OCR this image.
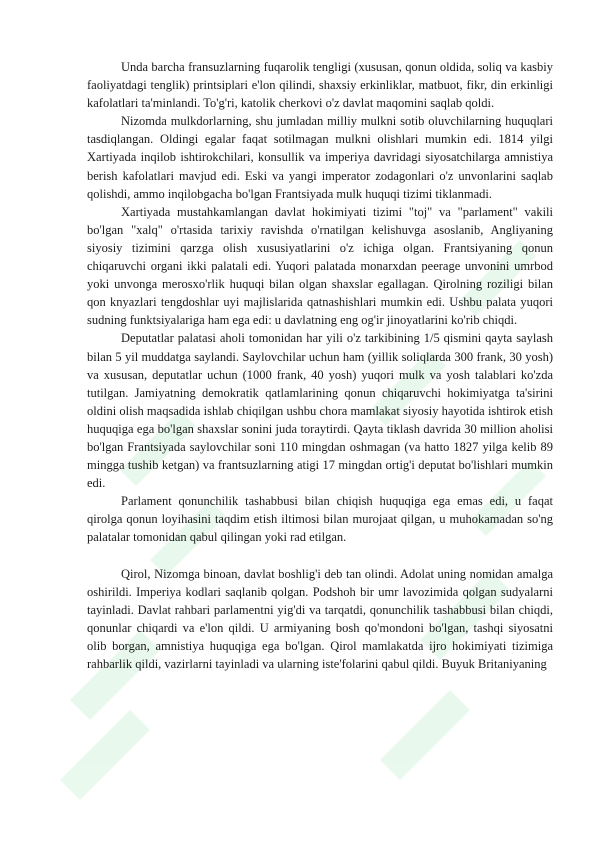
Unda barcha fransuzlarning fuqarolik tengligi (xususan, qonun oldida, soliq va kasbiy faoliyatdagi tenglik) printsiplari e'lon qilindi, shaxsiy erkinliklar, matbuot, fikr, din erkinligi kafolatlari ta'minlandi. To'g'ri, katolik cherkovi o'z davlat maqomini saqlab qoldi.

Nizomda mulkdorlarning, shu jumladan milliy mulkni sotib oluvchilarning huquqlari tasdiqlangan. Oldingi egalar faqat sotilmagan mulkni olishlari mumkin edi. 1814 yilgi Xartiyada inqilob ishtirokchilari, konsullik va imperiya davridagi siyosatchilarga amnistiya berish kafolatlari mavjud edi. Eski va yangi imperator zodagonlari o'z unvonlarini saqlab qolishdi, ammo inqilobgacha bo'lgan Frantsiyada mulk huquqi tizimi tiklanmadi.

Xartiyada mustahkamlangan davlat hokimiyati tizimi "toj" va "parlament" vakili bo'lgan "xalq" o'rtasida tarixiy ravishda o'rnatilgan kelishuvga asoslanib, Angliyaning siyosiy tizimini qarzga olish xususiyatlarini o'z ichiga olgan. Frantsiyaning qonun chiqaruvchi organi ikki palatali edi. Yuqori palatada monarxdan peerage unvonini umrbod yoki unvonga merosxo'rlik huquqi bilan olgan shaxslar egallagan. Qirolning roziligi bilan qon knyazlari tengdoshlar uyi majlislarida qatnashishlari mumkin edi. Ushbu palata yuqori sudning funktsiyalariga ham ega edi: u davlatning eng og'ir jinoyatlarini ko'rib chiqdi.

Deputatlar palatasi aholi tomonidan har yili o'z tarkibining 1/5 qismini qayta saylash bilan 5 yil muddatga saylandi. Saylovchilar uchun ham (yillik soliqlarda 300 frank, 30 yosh) va xususan, deputatlar uchun (1000 frank, 40 yosh) yuqori mulk va yosh talablari ko'zda tutilgan. Jamiyatning demokratik qatlamlarining qonun chiqaruvchi hokimiyatga ta'sirini oldini olish maqsadida ishlab chiqilgan ushbu chora mamlakat siyosiy hayotida ishtirok etish huquqiga ega bo'lgan shaxslar sonini juda toraytirdi. Qayta tiklash davrida 30 million aholisi bo'lgan Frantsiyada saylovchilar soni 110 mingdan oshmagan (va hatto 1827 yilga kelib 89 mingga tushib ketgan) va frantsuzlarning atigi 17 mingdan ortig'i deputat bo'lishlari mumkin edi.

Parlament qonunchilik tashabbusi bilan chiqish huquqiga ega emas edi, u faqat qirolga qonun loyihasini taqdim etish iltimosi bilan murojaat qilgan, u muhokamadan so'ng palatalar tomonidan qabul qilingan yoki rad etilgan.

Qirol, Nizomga binoan, davlat boshlig'i deb tan olindi. Adolat uning nomidan amalga oshirildi. Imperiya kodlari saqlanib qolgan. Podshoh bir umr lavozimida qolgan sudyalarni tayinladi. Davlat rahbari parlamentni yig'di va tarqatdi, qonunchilik tashabbusi bilan chiqdi, qonunlar chiqardi va e'lon qildi. U armiyaning bosh qo'mondoni bo'lgan, tashqi siyosatni olib borgan, amnistiya huquqiga ega bo'lgan. Qirol mamlakatda ijro hokimiyati tizimiga rahbarlik qildi, vazirlarni tayinladi va ularning iste'folarini qabul qildi. Buyuk Britaniyaning
